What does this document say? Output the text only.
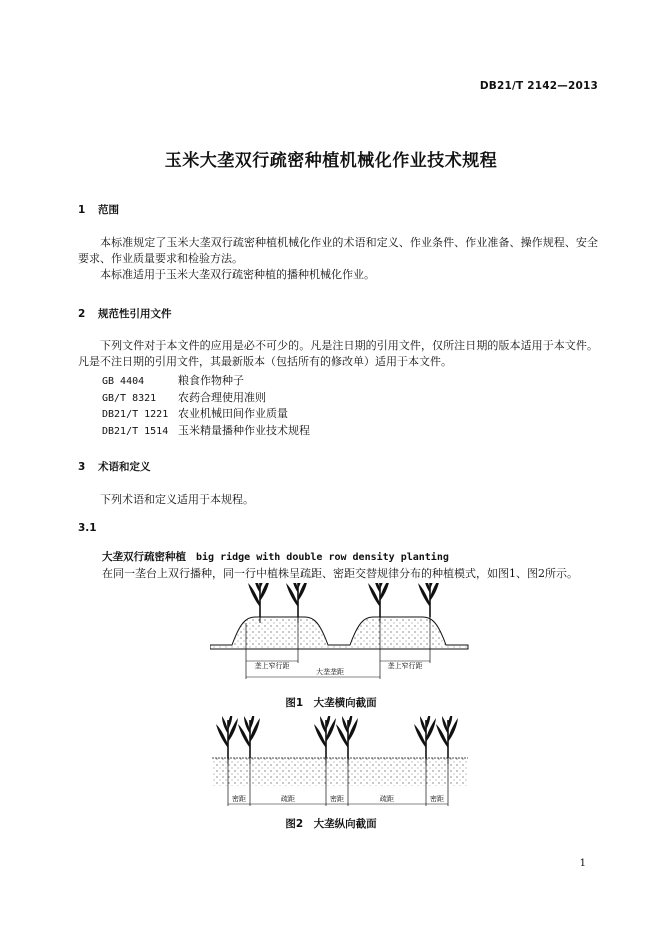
DB21/T 2142—2013
玉米大垄双行疏密种植机械化作业技术规程
1 范围
本标准规定了玉米大垄双行疏密种植机械化作业的术语和定义、作业条件、作业准备、操作规程、安全要求、作业质量要求和检验方法。
本标准适用于玉米大垄双行疏密种植的播种机械化作业。
2 规范性引用文件
下列文件对于本文件的应用是必不可少的。凡是注日期的引用文件，仅所注日期的版本适用于本文件。凡是不注日期的引用文件，其最新版本（包括所有的修改单）适用于本文件。
GB 4404	粮食作物种子
GB/T 8321 农药合理使用准则
DB21/T 1221 农业机械田间作业质量
DB21/T 1514 玉米精量播种作业技术规程
3 术语和定义
下列术语和定义适用于本规程。
3.1
大垄双行疏密种植 big ridge with double row density planting
在同一垄台上双行播种，同一行中植株呈疏距、密距交替规律分布的种植模式，如图1、图2所示。
垄上窄行距	垄上窄行距
大垄垄距
图1　大垄横向截面
密距	疏距	密距	疏距	密距
图2　大垄纵向截面
1
